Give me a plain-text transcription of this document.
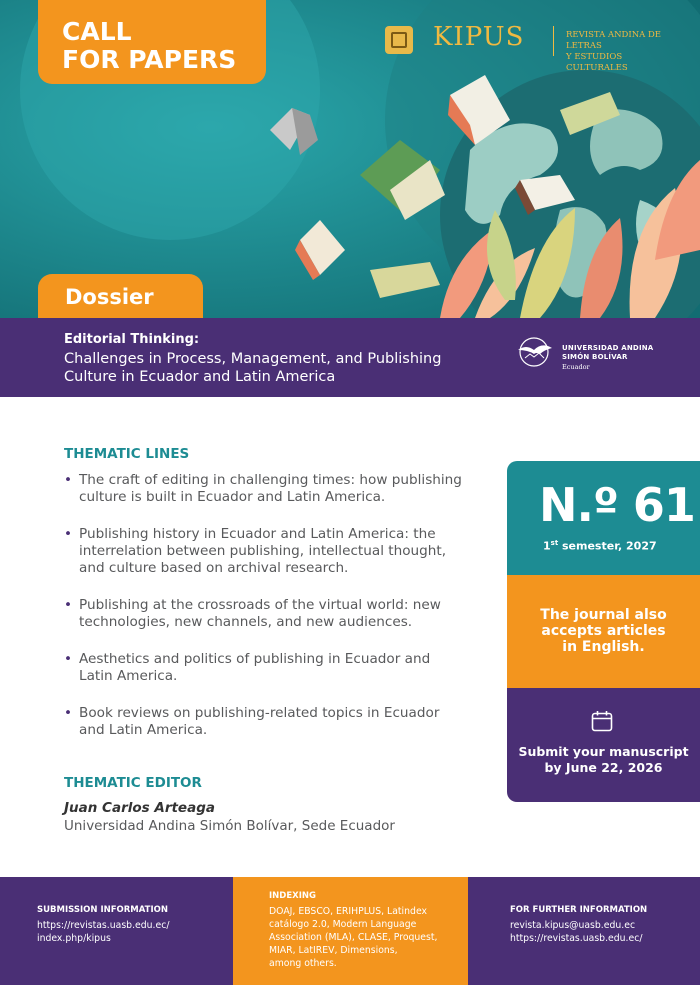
CALL
FOR PAPERS
KIPUS	REVISTA ANDINA DE LETRAS
Y ESTUDIOS CULTURALES
Dossier
Editorial Thinking:
Challenges in Process, Management, and Publishing
Culture in Ecuador and Latin America
UNIVERSIDAD ANDINA
SIMÓN BOLÍVAR
Ecuador
THEMATIC LINES
• The craft of editing in challenging times: how publishing culture is built in Ecuador and Latin America.
• Publishing history in Ecuador and Latin America: the interrelation between publishing, intellectual thought, and culture based on archival research.
• Publishing at the crossroads of the virtual world: new technologies, new channels, and new audiences.
• Aesthetics and politics of publishing in Ecuador and Latin America.
• Book reviews on publishing-related topics in Ecuador and Latin America.
THEMATIC EDITOR
Juan Carlos Arteaga
Universidad Andina Simón Bolívar, Sede Ecuador
N.º 61
1st semester, 2027
The journal also
accepts articles
in English.
Submit your manuscript
by June 22, 2026
SUBMISSION INFORMATION
https://revistas.uasb.edu.ec/
index.php/kipus
INDEXING
DOAJ, EBSCO, ERIHPLUS, Latindex
catálogo 2.0, Modern Language
Association (MLA), CLASE, Proquest,
MIAR, LatIREV, Dimensions,
among others.
FOR FURTHER INFORMATION
revista.kipus@uasb.edu.ec
https://revistas.uasb.edu.ec/
